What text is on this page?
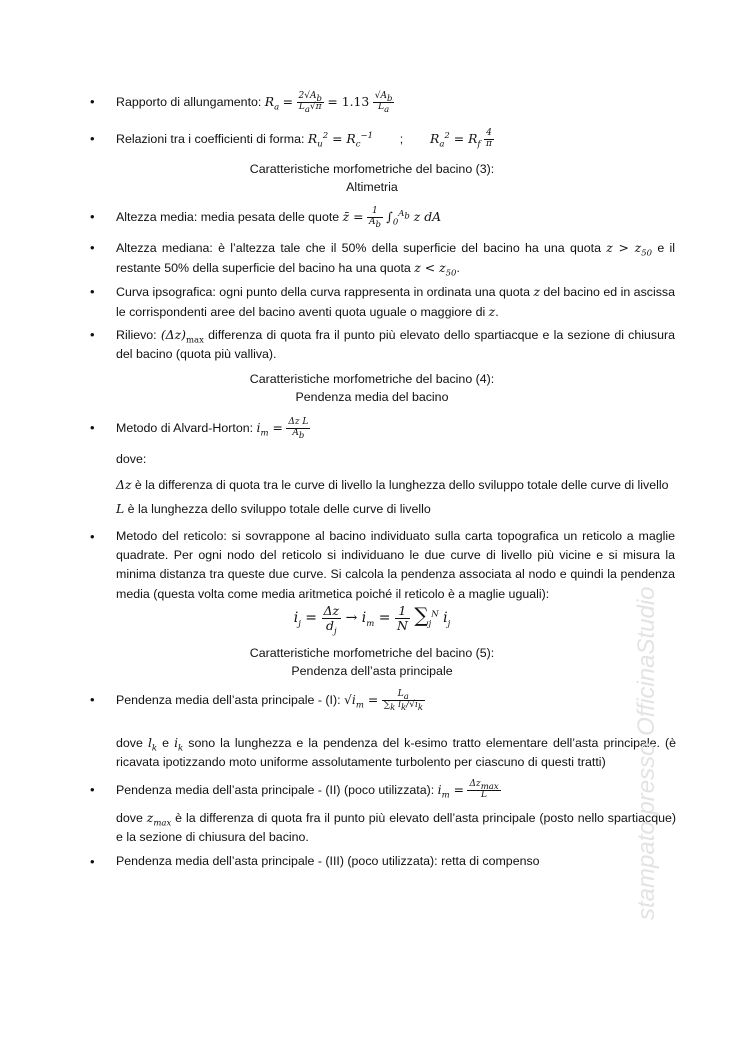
• Rapporto di allungamento: $R_a = \frac{2√A_b}{L_a√\pi} = 1.13 \frac{√A_b}{L_a}$
• Relazioni tra i coefficienti di forma: $R_u^2 = R_c^{-1}$ ; $R_a^2 = R_f \frac{4}{\pi}$
Caratteristiche morfometriche del bacino (3):
Altimetria
• Altezza media: media pesata delle quote z̄ = $\frac{1}{A_b} \int_0^{A_b}$ z dA
• Altezza mediana: è l’altezza tale che il 50% della superficie del bacino ha una quota $z > z_{50}$ e il restante 50% della superficie del bacino ha una quota $z < z_{50}$.
• Curva ipsografica: ogni punto della curva rappresenta in ordinata una quota z del bacino ed in ascissa le corrispondenti aree del bacino aventi quota uguale o maggiore di z.
• Rilievo: $(\Delta z)_{max}$ differenza di quota fra il punto più elevato dello spartiacque e la sezione di chiusura del bacino (quota più valliva).
Caratteristiche morfometriche del bacino (4):
Pendenza media del bacino
• Metodo di Alvard-Horton: $i_m = \frac{\text{Δz L}}{A_b}$
dove:
Δz è la differenza di quota tra le curve di livello la lunghezza dello sviluppo totale delle curve di livello
L è la lunghezza dello sviluppo totale delle curve di livello
• Metodo del reticolo: si sovrappone al bacino individuato sulla carta topografica un reticolo a maglie quadrate. Per ogni nodo del reticolo si individuano le due curve di livello più vicine e si misura la minima distanza tra queste due curve. Si calcola la pendenza associata al nodo e quindi la pendenza media (questa volta come media aritmetica poiché il reticolo è a maglie uguali):
$i_j = \frac{\Delta z}{d_j} \to i_m = \frac{1}{N} \sum_j^N$ $i_j$
Caratteristiche morfometriche del bacino (5):
Pendenza dell’asta principale
• Pendenza media dell’asta principale - (I): $√i_m = \frac{L_a}{\sum_k l_k/√i_k}$
dove $l_k$ e $i_k$ sono la lunghezza e la pendenza del k-esimo tratto elementare dell’asta principale. (è ricavata ipotizzando moto uniforme assolutamente turbolento per ciascuno di questi tratti)
• Pendenza media dell’asta principale - (II) (poco utilizzata): $i_m = \frac{\Delta z_{max}}{L}$
dove $z_{max}$ è la differenza di quota fra il punto più elevato dell’asta principale (posto nello spartiacque) e la sezione di chiusura del bacino.
• Pendenza media dell’asta principale - (III) (poco utilizzata): retta di compenso	stampato presso OfficinaStudio
